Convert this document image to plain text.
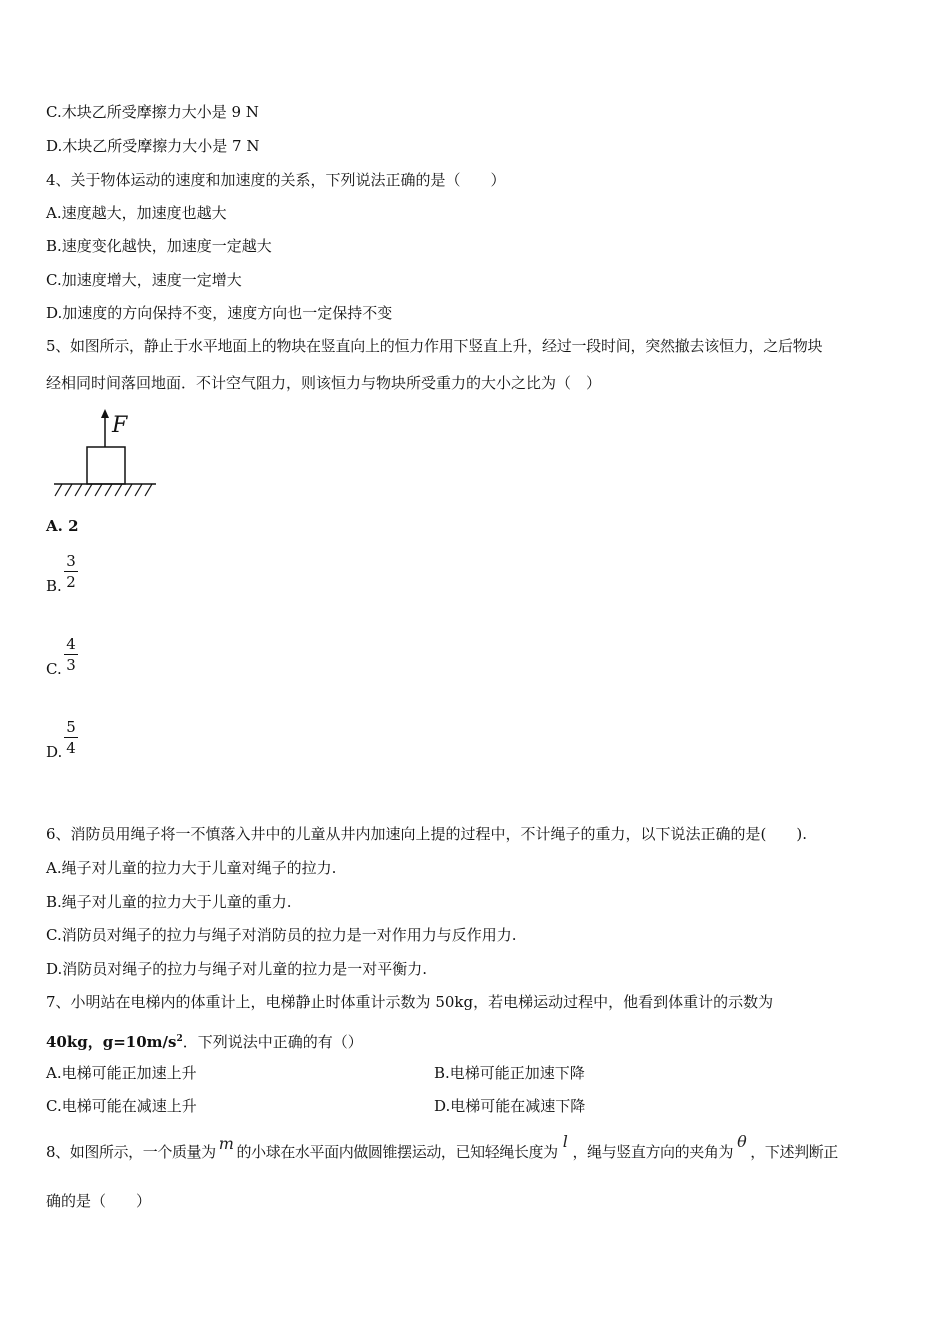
C.木块乙所受摩擦力大小是 9 N
D.木块乙所受摩擦力大小是 7 N
4、关于物体运动的速度和加速度的关系，下列说法正确的是（　　）
A.速度越大，加速度也越大
B.速度变化越快，加速度一定越大
C.加速度增大，速度一定增大
D.加速度的方向保持不变，速度方向也一定保持不变
5、如图所示，静止于水平地面上的物块在竖直向上的恒力作用下竖直上升，经过一段时间，突然撤去该恒力，之后物块
经相同时间落回地面．不计空气阻力，则该恒力与物块所受重力的大小之比为（　）
F
A. 2
B. $\frac{3}{2}$
C. $\frac{4}{3}$
D. $\frac{5}{4}$
6、消防员用绳子将一不慎落入井中的儿童从井内加速向上提的过程中，不计绳子的重力，以下说法正确的是(　　).
A.绳子对儿童的拉力大于儿童对绳子的拉力.
B.绳子对儿童的拉力大于儿童的重力.
C.消防员对绳子的拉力与绳子对消防员的拉力是一对作用力与反作用力.
D.消防员对绳子的拉力与绳子对儿童的拉力是一对平衡力.
7、小明站在电梯内的体重计上，电梯静止时体重计示数为 50kg，若电梯运动过程中，他看到体重计的示数为
40kg，$g=10m/s^2$．下列说法中正确的有（）
A.电梯可能正加速上升	B.电梯可能正加速下降
C.电梯可能在减速上升	D.电梯可能在减速下降
8、如图所示，一个质量为 m 的小球在水平面内做圆锥摆运动，已知轻绳长度为l，绳与竖直方向的夹角为θ，下述判断正
确的是（　　）
